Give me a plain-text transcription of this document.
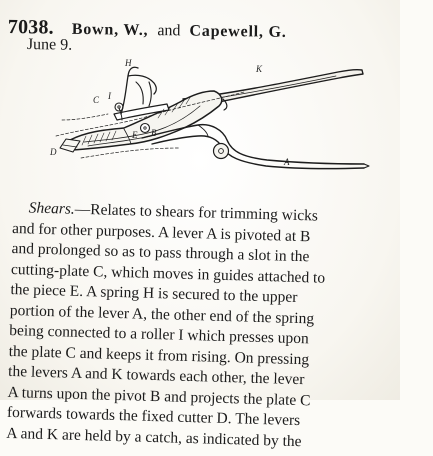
7038. Bown, W., and Capewell, G.
June 9.
H
K
C I
E B
D
A
Shears.—Relates to shears for trimming wicks
and for other purposes. A lever A is pivoted at B
and prolonged so as to pass through a slot in the
cutting-plate C, which moves in guides attached to
the piece E. A spring H is secured to the upper
portion of the lever A, the other end of the spring
being connected to a roller I which presses upon
the plate C and keeps it from rising. On pressing
the levers A and K towards each other, the lever
A turns upon the pivot B and projects the plate C
forwards towards the fixed cutter D. The levers
A and K are held by a catch, as indicated by the
